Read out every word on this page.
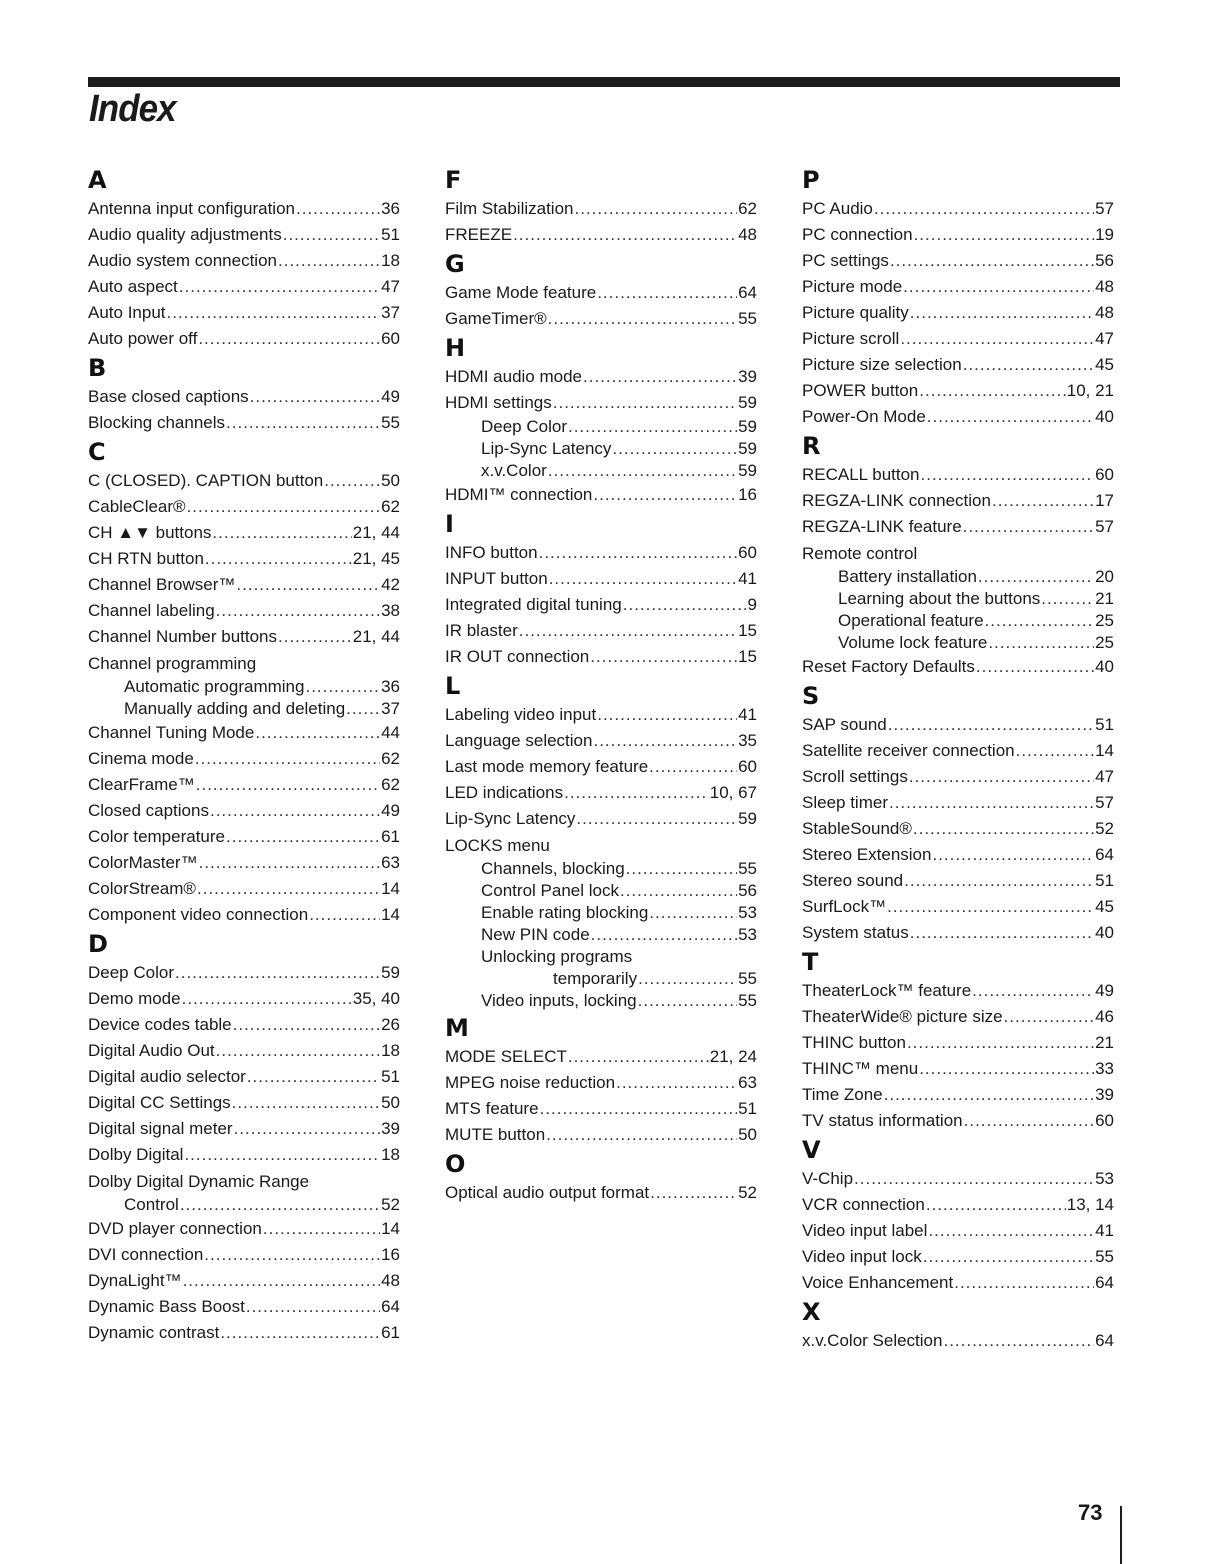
Index
A
Antenna input configuration .....	36
Audio quality adjustments .....	51
Audio system connection .....	18
Auto aspect .....	47
Auto Input .....	37
Auto power off .....	60
B
Base closed captions .....	49
Blocking channels .....	55
C
C (CLOSED). CAPTION button .....	50
CableClear® .....	62
CH ▲▼ buttons .....	21, 44
CH RTN button .....	21, 45
Channel Browser™ .....	42
Channel labeling .....	38
Channel Number buttons .....	21, 44
Channel programming
Automatic programming .....	36
Manually adding and deleting ..... 37
Channel Tuning Mode .....	44
Cinema mode .....	62
ClearFrame™ .....	62
Closed captions .....	49
Color temperature .....	61
ColorMaster™ .....	63
ColorStream® .....	14
Component video connection .....	14
D
Deep Color .....	59
Demo mode .....	35, 40
Device codes table .....	26
Digital Audio Out .....	18
Digital audio selector .....	51
Digital CC Settings .....	50
Digital signal meter .....	39
Dolby Digital .....	18
Dolby Digital Dynamic Range
Control .....	52
DVD player connection .....	14
DVI connection .....	16
DynaLight™ .....	48
Dynamic Bass Boost .....	64
Dynamic contrast .....	61
F
Film Stabilization .....	62
FREEZE .....	48
G
Game Mode feature .....	64
GameTimer® .....	55
H
HDMI audio mode .....	39
HDMI settings .....	59
Deep Color .....	59
Lip-Sync Latency .....	59
x.v.Color .....	59
HDMI™ connection .....	16
I
INFO button .....	60
INPUT button .....	41
Integrated digital tuning .....	9
IR blaster .....	15
IR OUT connection .....	15
L
Labeling video input .....	41
Language selection .....	35
Last mode memory feature .....	60
LED indications .....	10, 67
Lip-Sync Latency .....	59
LOCKS menu
Channels, blocking .....	55
Control Panel lock .....	56
Enable rating blocking .....	53
New PIN code .....	53
Unlocking programs
temporarily .....	55
Video inputs, locking .....	55
M
MODE SELECT .....	21, 24
MPEG noise reduction .....	63
MTS feature .....	51
MUTE button .....	50
O
Optical audio output format .....	52
P
PC Audio .....	57
PC connection .....	19
PC settings .....	56
Picture mode .....	48
Picture quality .....	48
Picture scroll .....	47
Picture size selection .....	45
POWER button .....	10, 21
Power-On Mode .....	40
R
RECALL button .....	60
REGZA-LINK connection .....	17
REGZA-LINK feature .....	57
Remote control
Battery installation .....	20
Learning about the buttons .....	21
Operational feature .....	25
Volume lock feature .....	25
Reset Factory Defaults .....	40
S
SAP sound .....	51
Satellite receiver connection .....	14
Scroll settings .....	47
Sleep timer .....	57
StableSound® .....	52
Stereo Extension .....	64
Stereo sound .....	51
SurfLock™ .....	45
System status .....	40
T
TheaterLock™ feature .....	49
TheaterWide® picture size .....	46
THINC button .....	21
THINC™ menu .....	33
Time Zone .....	39
TV status information .....	60
V
V-Chip .....	53
VCR connection .....	13, 14
Video input label .....	41
Video input lock .....	55
Voice Enhancement .....	64
X
x.v.Color Selection .....	64
73
